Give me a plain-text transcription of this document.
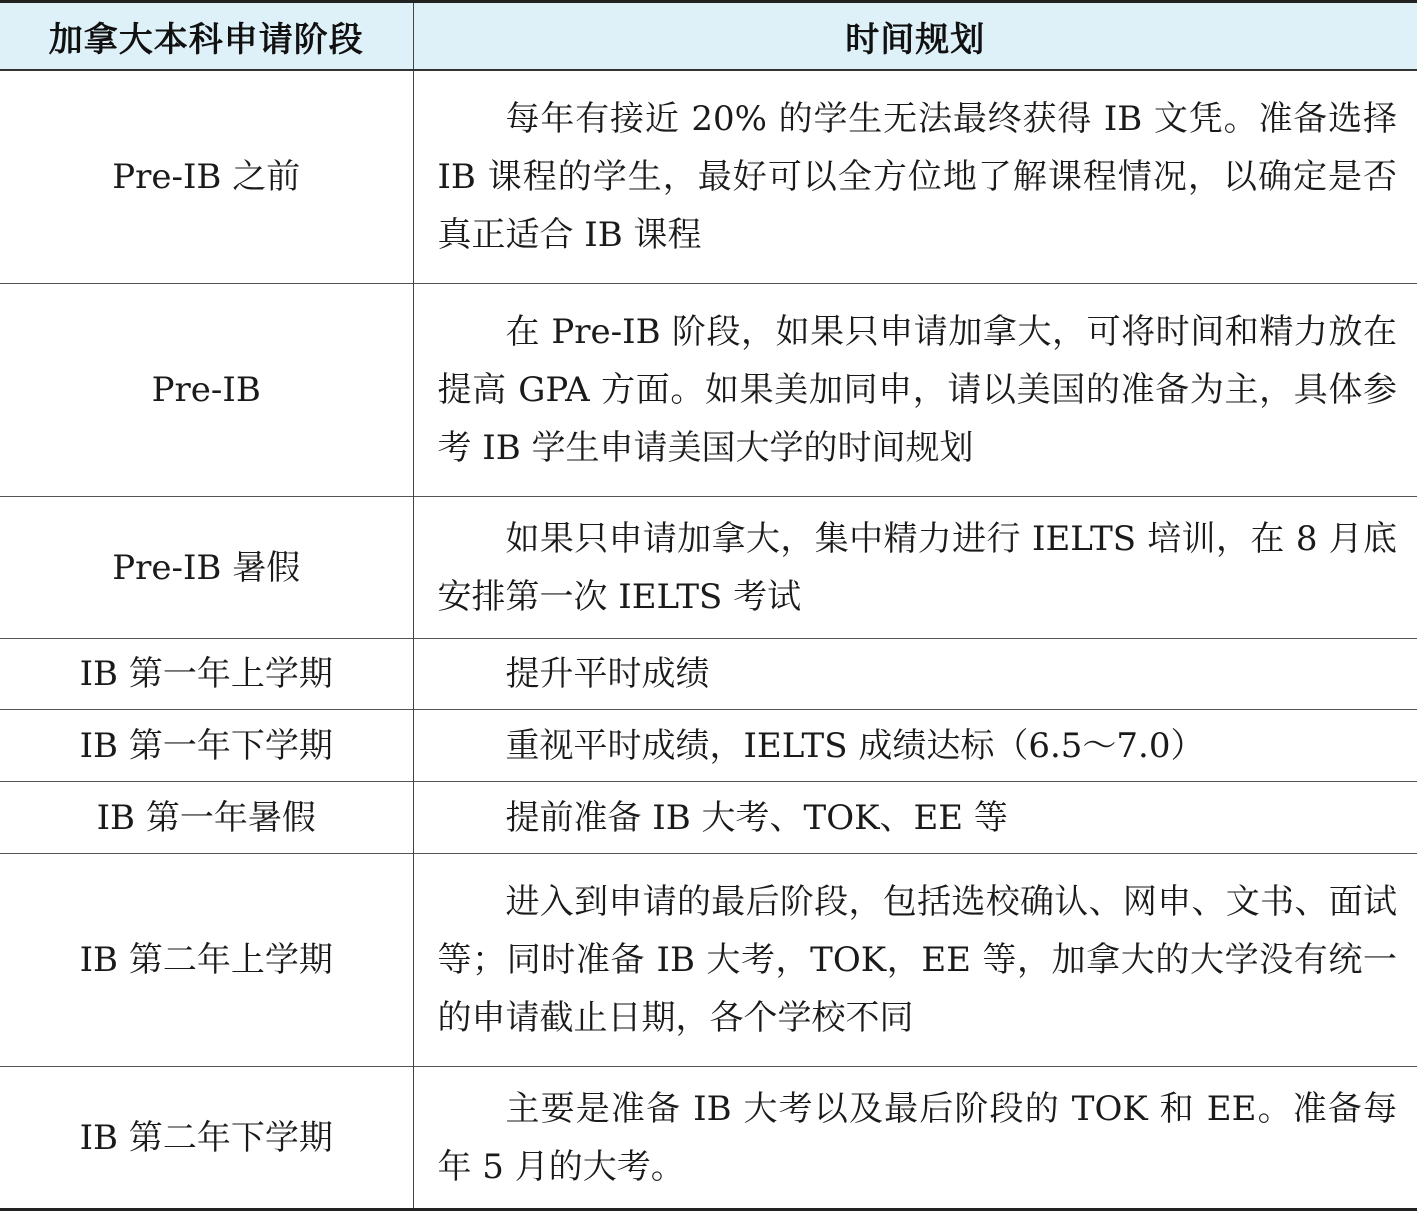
加拿大本科申请阶段	时间规划
Pre-IB 之前	每年有接近 20% 的学生无法最终获得 IB 文凭。准备选择 IB 课程的学生，最好可以全方位地了解课程情况，以确定是否真正适合 IB 课程

Pre-IB	在 Pre-IB 阶段，如果只申请加拿大，可将时间和精力放在提高 GPA 方面。如果美加同申，请以美国的准备为主，具体参考 IB 学生申请美国大学的时间规划

Pre-IB 暑假	如果只申请加拿大，集中精力进行 IELTS 培训，在 8 月底安排第一次 IELTS 考试

IB 第一年上学期	提升平时成绩

IB 第一年下学期	重视平时成绩，IELTS 成绩达标（6.5～7.0）

IB 第一年暑假	提前准备 IB 大考、TOK、EE 等

IB 第二年上学期	进入到申请的最后阶段，包括选校确认、网申、文书、面试等；同时准备 IB 大考，TOK，EE 等，加拿大的大学没有统一的申请截止日期，各个学校不同

IB 第二年下学期	主要是准备 IB 大考以及最后阶段的 TOK 和 EE。准备每年 5 月的大考。
